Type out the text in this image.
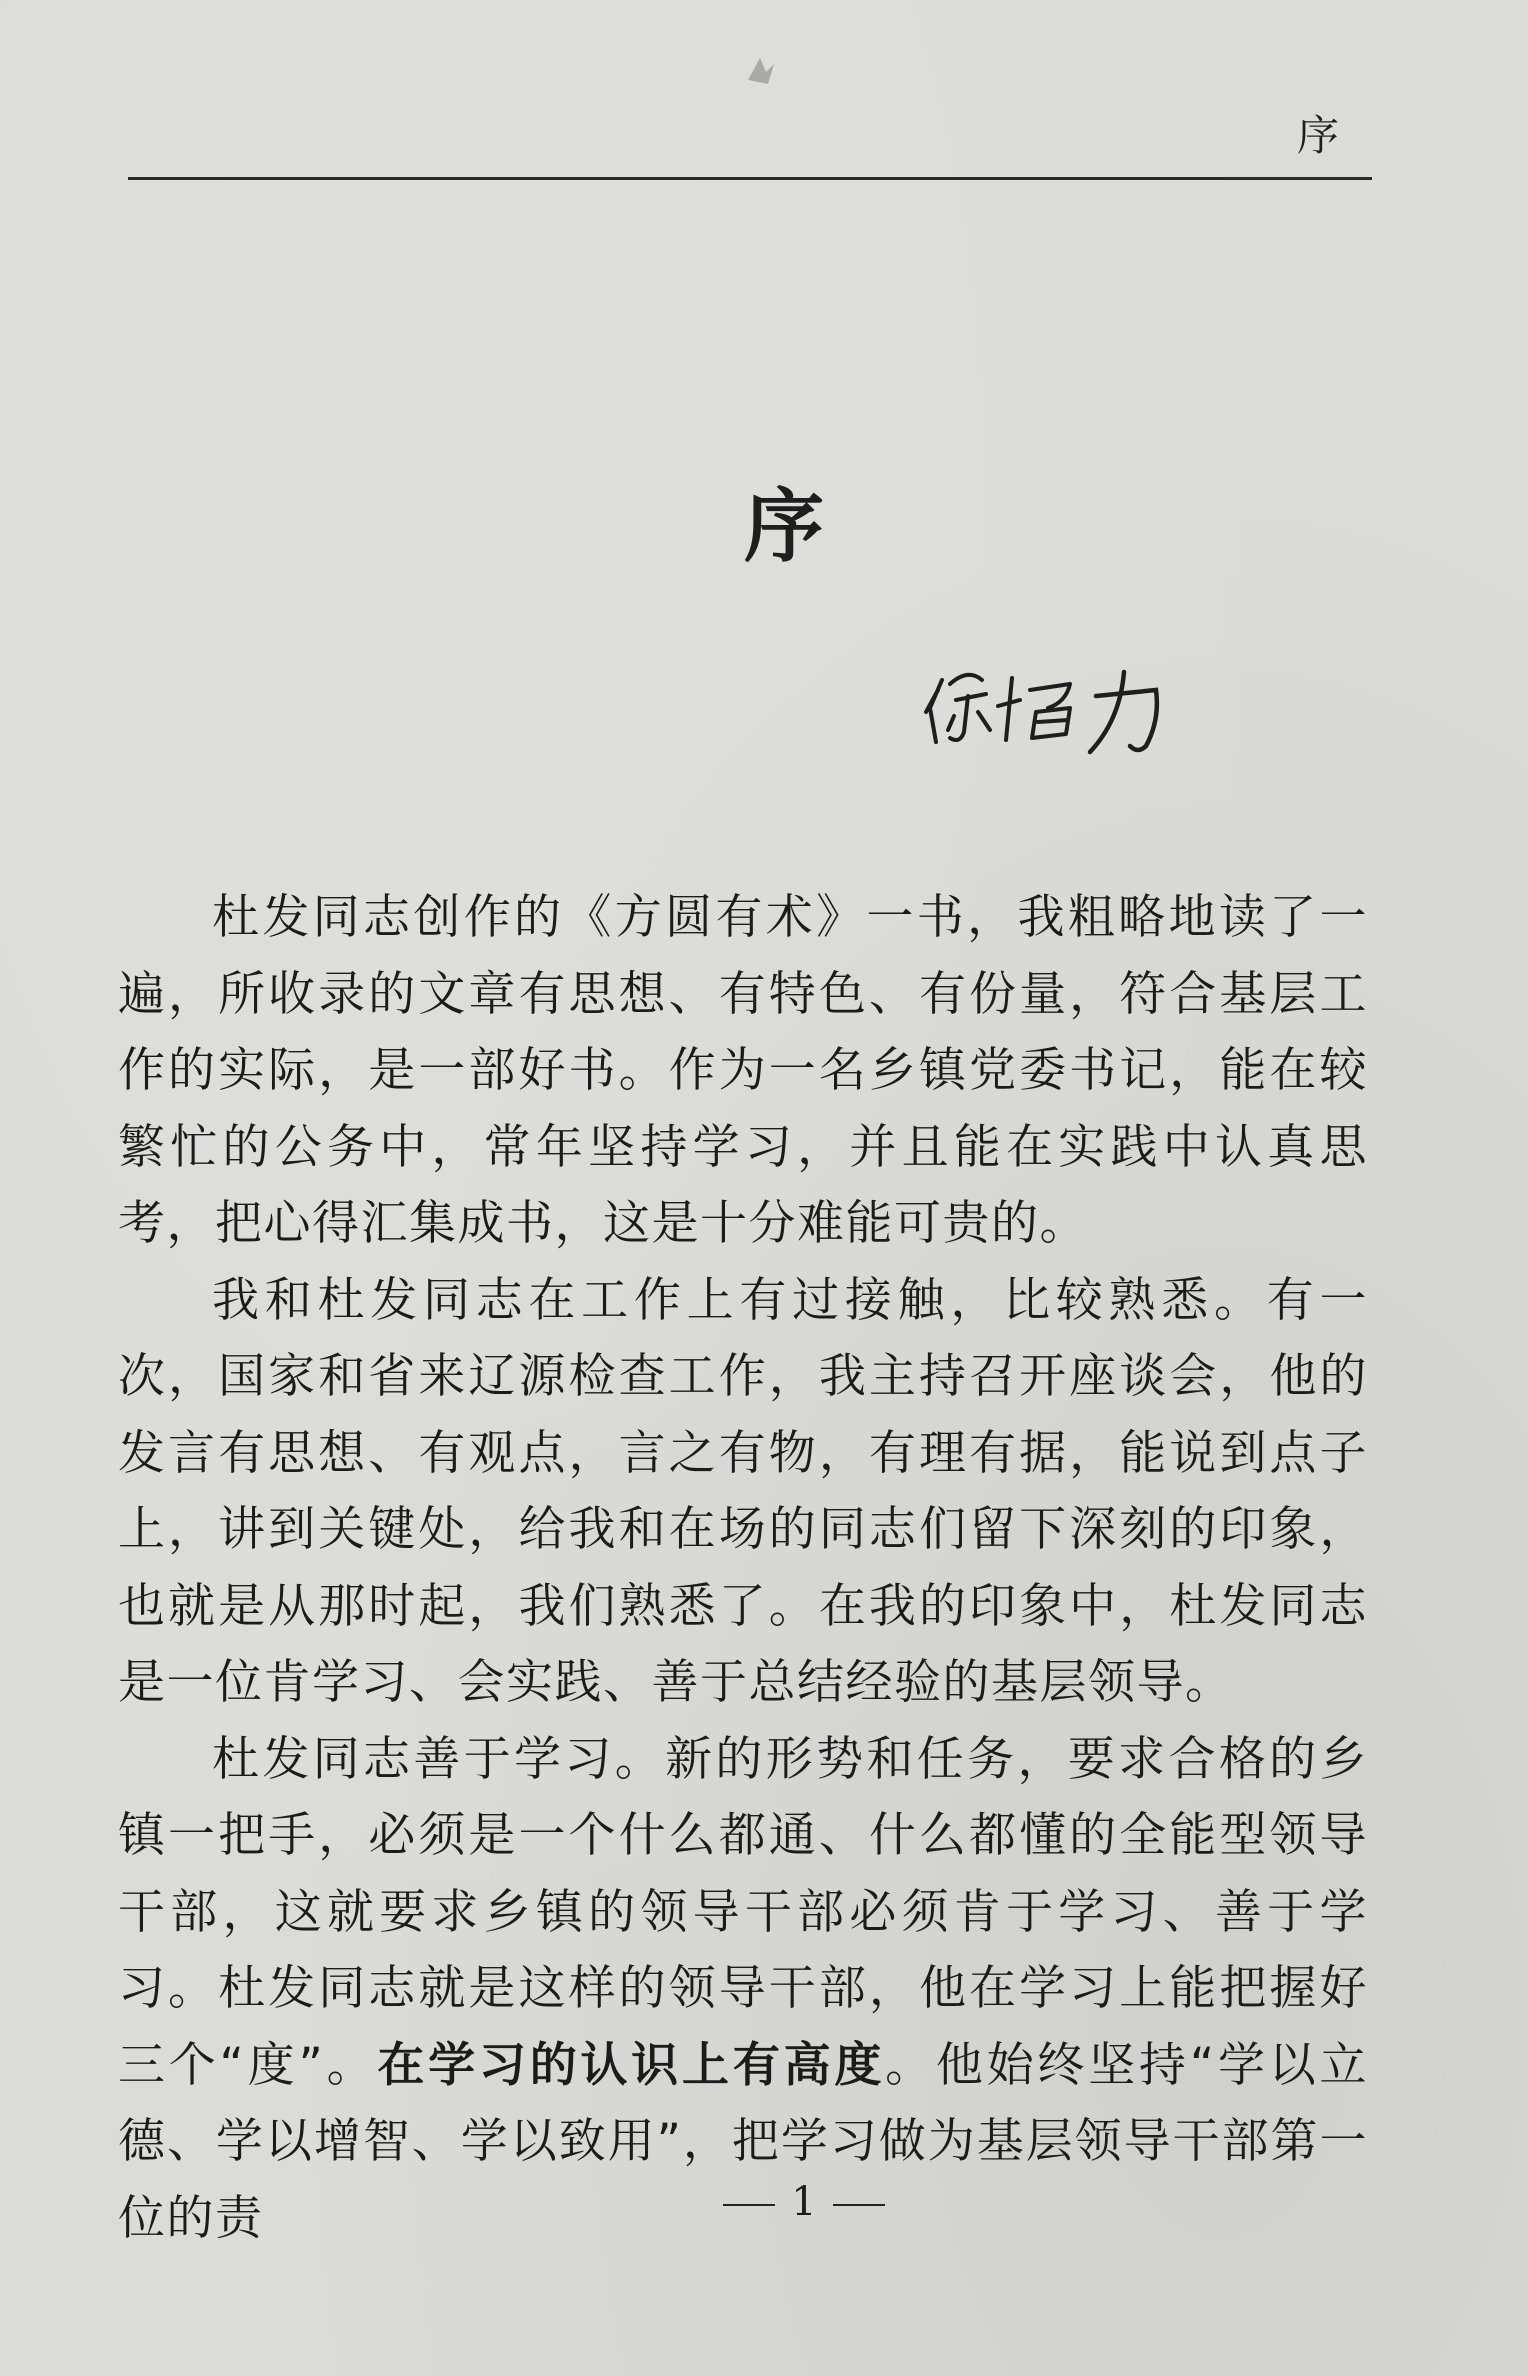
序
序

杜发同志创作的《方圆有术》一书，我粗略地读了一遍，所收录的文章有思想、有特色、有份量，符合基层工作的实际，是一部好书。作为一名乡镇党委书记，能在较繁忙的公务中，常年坚持学习，并且能在实践中认真思考，把心得汇集成书，这是十分难能可贵的。

我和杜发同志在工作上有过接触，比较熟悉。有一次，国家和省来辽源检查工作，我主持召开座谈会，他的发言有思想、有观点，言之有物，有理有据，能说到点子上，讲到关键处，给我和在场的同志们留下深刻的印象，也就是从那时起，我们熟悉了。在我的印象中，杜发同志是一位肯学习、会实践、善于总结经验的基层领导。

杜发同志善于学习。新的形势和任务，要求合格的乡镇一把手，必须是一个什么都通、什么都懂的全能型领导干部，这就要求乡镇的领导干部必须肯于学习、善于学习。杜发同志就是这样的领导干部，他在学习上能把握好三个“度”。在学习的认识上有高度。他始终坚持“学以立德、学以增智、学以致用”，把学习做为基层领导干部第一位的责	1
